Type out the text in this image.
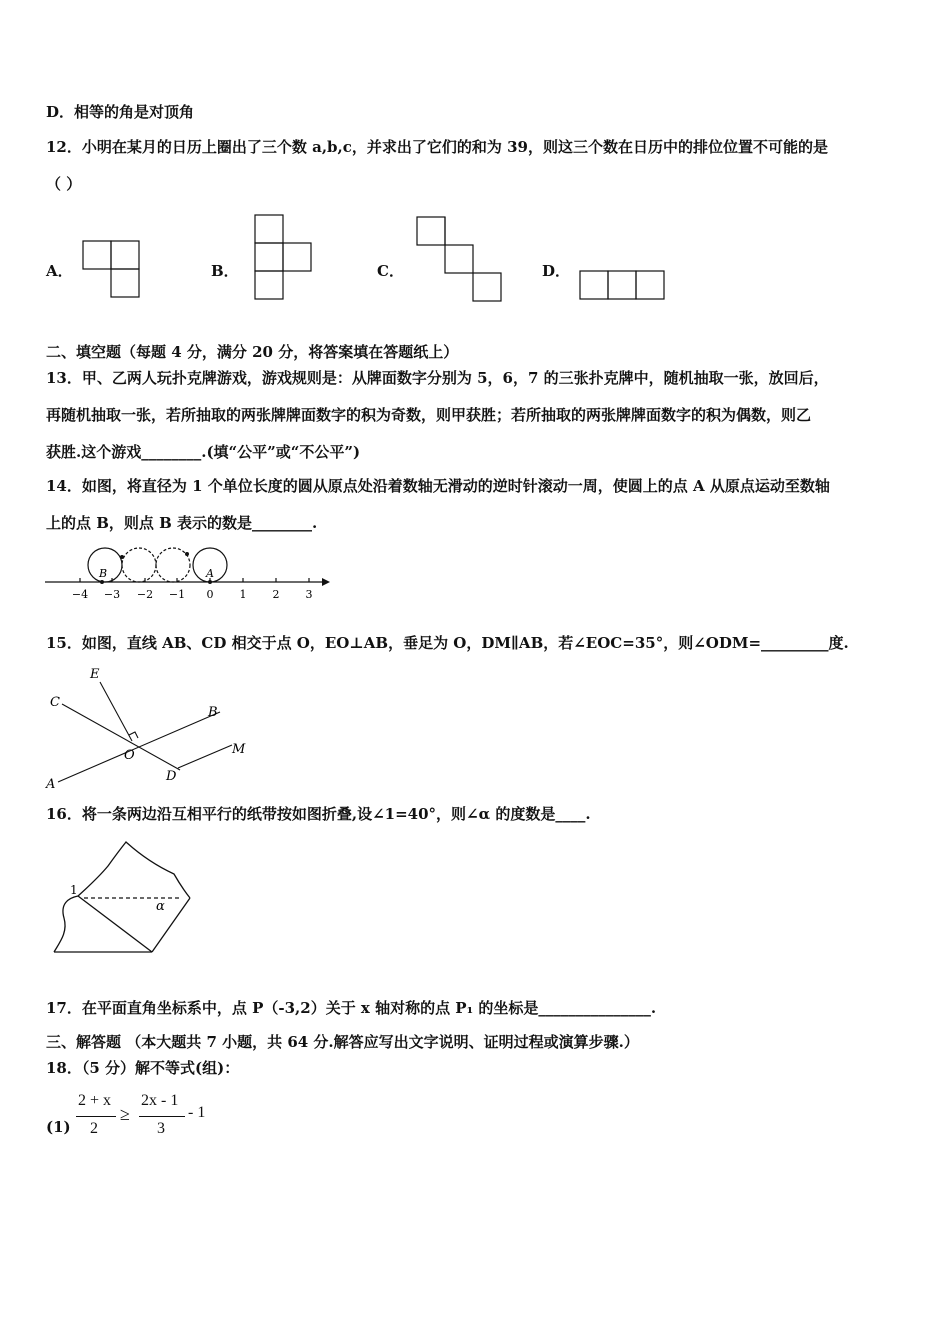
D．相等的角是对顶角
12．小明在某月的日历上圈出了三个数 a,b,c，并求出了它们的和为 39，则这三个数在日历中的排位位置不可能的是
（ ）
A．	B．	C．	D．
二、填空题（每题 4 分，满分 20 分，将答案填在答题纸上）
13．甲、乙两人玩扑克牌游戏，游戏规则是：从牌面数字分别为 5，6，7 的三张扑克牌中，随机抽取一张，放回后，
再随机抽取一张，若所抽取的两张牌牌面数字的积为奇数，则甲获胜；若所抽取的两张牌牌面数字的积为偶数，则乙
获胜.这个游戏________.(填“公平”或“不公平”)
14．如图，将直径为 1 个单位长度的圆从原点处沿着数轴无滑动的逆时针滚动一周，使圆上的点 A 从原点运动至数轴
上的点 B，则点 B 表示的数是________.
B	A
−4 −3 −2 −1 0 1 2 3
15．如图，直线 AB、CD 相交于点 O，EO⊥AB，垂足为 O，DM∥AB，若∠EOC=35°，则∠ODM=_________度.
E
C
B
O	M
A
D
16．将一条两边沿互相平行的纸带按如图折叠,设∠1=40°，则∠α 的度数是____.
1
α
17．在平面直角坐标系中，点 P（-3,2）关于 x 轴对称的点 P₁ 的坐标是_______________.
三、解答题 （本大题共 7 小题，共 64 分.解答应写出文字说明、证明过程或演算步骤.）
18．（5 分）解不等式(组)：
(1)
2 + x
2
≥
2x - 1
3
- 1
